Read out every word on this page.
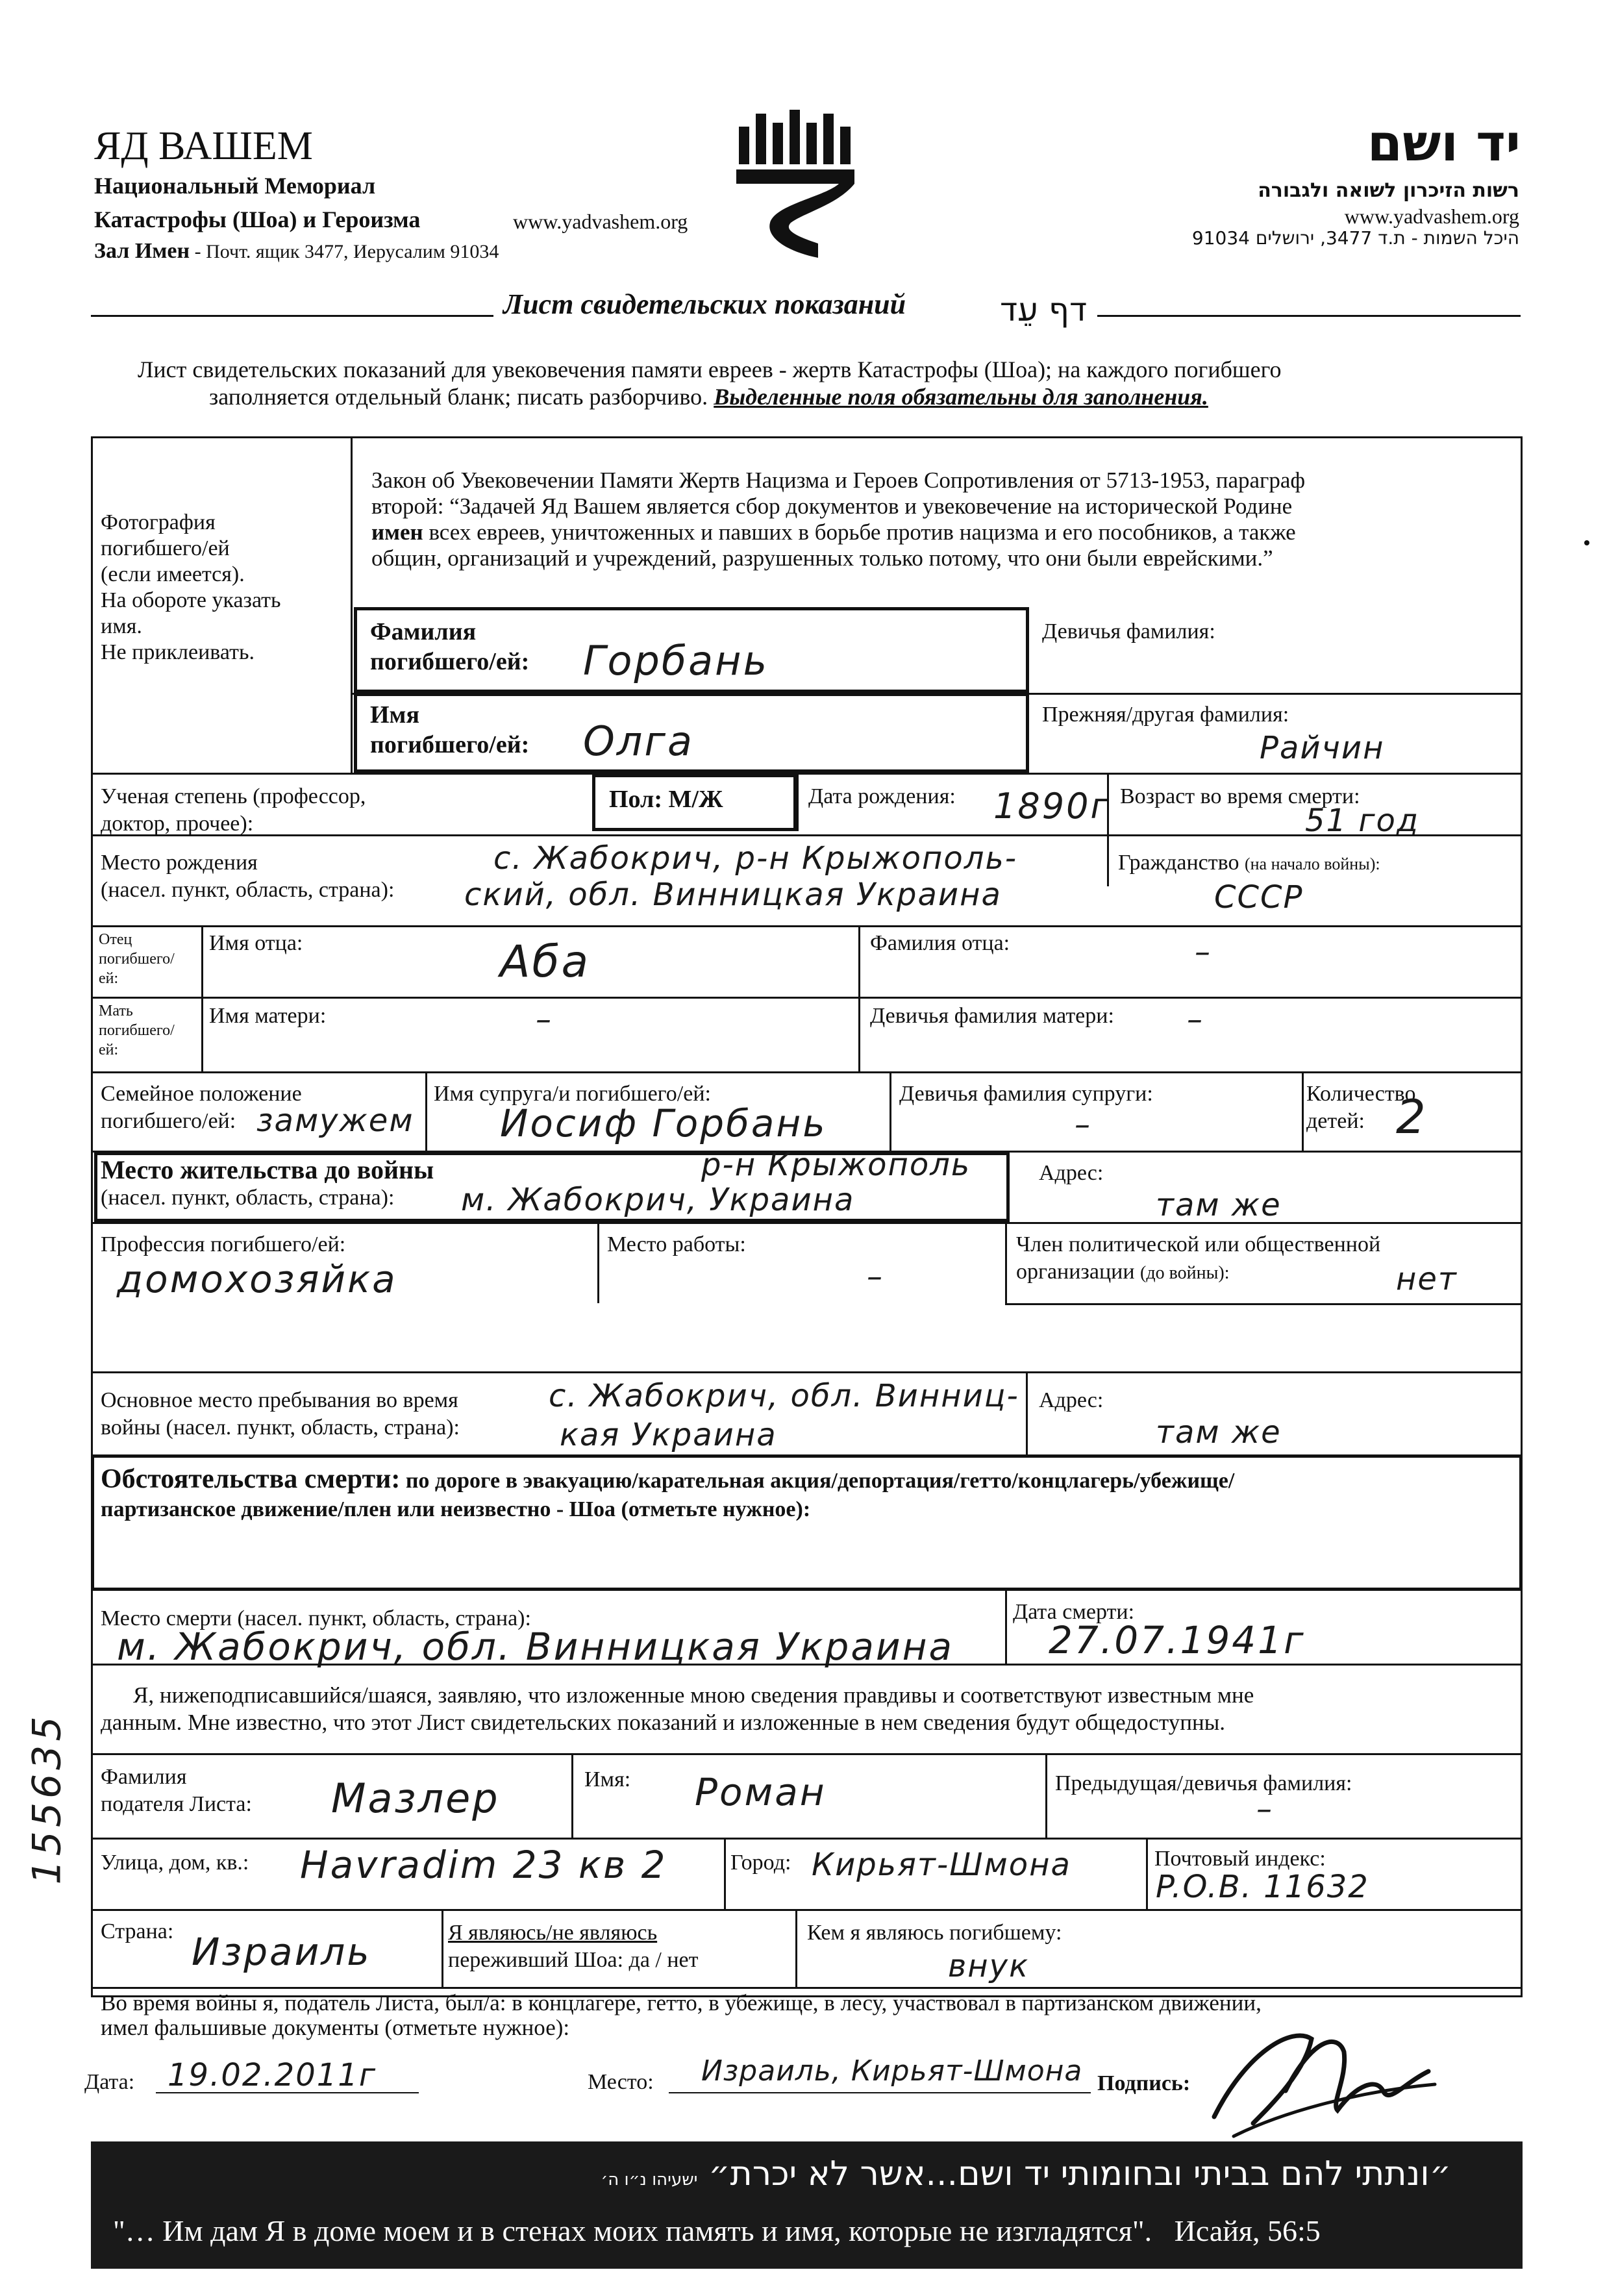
ЯД ВАШЕМ
Национальный Мемориал
Катастрофы (Шоа) и Героизма	www.yadvashem.org
Зал Имен - Почт. ящик 3477, Иерусалим 91034
יד ושם
רשות הזיכרון לשואה ולגבורה
www.yadvashem.org
היכל השמות - ת.ד 3477, ירושלים 91034
Лист свидетельских показаний	דף עֵד
Лист свидетельских показаний для увековечения памяти евреев - жертв Катастрофы (Шоа); на каждого погибшего
заполняется отдельный бланк; писать разборчиво. Выделенные поля обязательны для заполнения.
Фотография
погибшего/ей
(если имеется).
На обороте указать
имя.
Не приклеивать.
Закон об Увековечении Памяти Жертв Нацизма и Героев Сопротивления от 5713-1953, параграф
второй: “Задачей Яд Вашем является сбор документов и увековечение на исторической Родине
имен всех евреев, уничтоженных и павших в борьбе против нацизма и его пособников, а также
общин, организаций и учреждений, разрушенных только потому, что они были еврейскими.”
Фамилия
погибшего/ей: Горбань
Девичья фамилия:
Имя
погибшего/ей: Олга
Прежняя/другая фамилия:
Райчин
Ученая степень (профессор,
доктор, прочее):
Пол: М/Ж	Дата рождения: 1890г Возраст во время смерти:
51 год
Место рождения
(насел. пункт, область, страна):
с. Жабокрич, р-н Крыжополь-
ский, обл. Винницкая Украина
Гражданство (на начало войны):
СССР
Отец
погибшего/
ей:
Имя отца:	Аба	Фамилия отца:	–
Мать
погибшего/
ей:
Имя матери:	–	Девичья фамилия матери: –
Семейное положение
погибшего/ей: замужем
Имя супруга/и погибшего/ей:
Иосиф Горбань
Девичья фамилия супруги:
–
Количество
детей: 2
Место жительства до войны
(насел. пункт, область, страна):
р-н Крыжополь
м. Жабокрич, Украина
Адрес:
там же
Профессия погибшего/ей:
домохозяйка
Место работы:
–
Член политической или общественной
организации (до войны):	нет
Основное место пребывания во время
войны (насел. пункт, область, страна):
с. Жабокрич, обл. Винниц-
кая Украина
Адрес:
там же
Обстоятельства смерти: по дороге в эвакуацию/карательная акция/депортация/гетто/концлагерь/убежище/
партизанское движение/плен или неизвестно - Шоа (отметьте нужное):
Место смерти (насел. пункт, область, страна):
м. Жабокрич, обл. Винницкая Украина
Дата смерти:
27.07.1941г
Я, нижеподписавшийся/шаяся, заявляю, что изложенные мною сведения правдивы и соответствуют известным мне
данным. Мне известно, что этот Лист свидетельских показаний и изложенные в нем сведения будут общедоступны.
Фамилия
подателя Листа: Мазлер	Имя: Роман	Предыдущая/девичья фамилия:
–
Улица, дом, кв.: Havradim 23 кв 2	Город: Кирьят-Шмона	Почтовый индекс:
P.O.B. 11632
Страна: Израиль	Я являюсь/не являюсь
переживший Шоа: да / нет
Кем я являюсь погибшему:
внук
Во время войны я, податель Листа, был/а: в концлагере, гетто, в убежище, в лесу, участвовал в партизанском движении,
имел фальшивые документы (отметьте нужное):
Дата: 19.02.2011г	Место: Израиль, Кирьят-Шмона Подпись:
״ונתתי להם בביתי ובחומותי יד ושם...אשר לא יכרת״ ישעיהו נ״ו ה׳
"… Им дам Я в доме моем и в стенах моих память и имя, которые не изгладятся". Исайя, 56:5
155635
